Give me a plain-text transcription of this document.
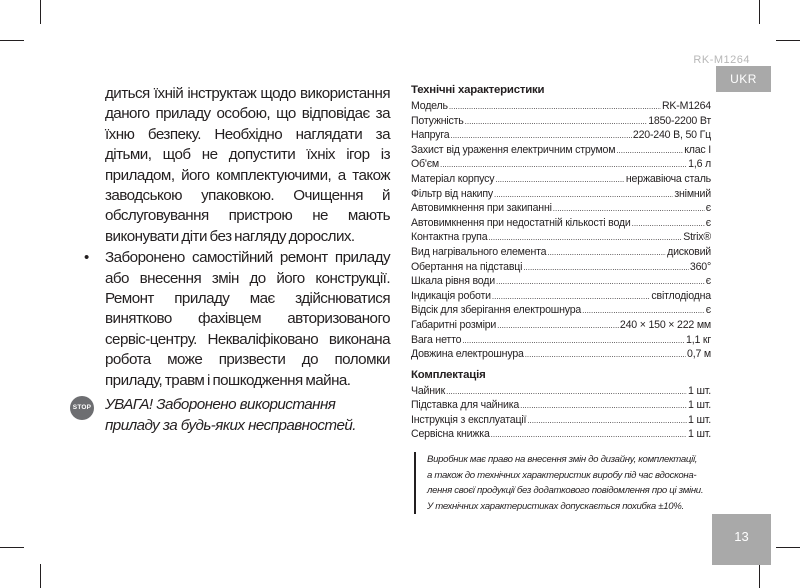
RK-M1264
UKR

диться їхній інструктаж щодо використання даного приладу особою, що відповідає за їхню безпеку. Необхідно наглядати за дітьми, щоб не допустити їхніх ігор із приладом, його комплектуючими, а також заводською упаковкою. Очищення й обслуговування пристрою не мають виконувати діти без нагляду дорослих.

• Заборонено самостійний ремонт приладу або внесення змін до його конструкції. Ремонт приладу має здійснюватися винятково фахівцем авторизованого сервіс-центру. Некваліфіковано виконана робота може призвести до поломки приладу, травм і пошкодження майна.

STOP УВАГА! Заборонено використання приладу за будь-яких несправностей.

Технічні характеристики
Модель .....	RK-M1264
Потужність .....	1850-2200 Вт
Напруга .....	220-240 В, 50 Гц
Захист від ураження електричним струмом .....	клас I
Об'єм .....	1,6 л
Матеріал корпусу .....	нержавіюча сталь
Фільтр від накипу .....	знімний
Автовимкнення при закипанні .....	є
Автовимкнення при недостатній кількості води .....	є
Контактна група .....	Strix®
Вид нагрівального елемента .....	дисковий
Обертання на підставці .....	360°
Шкала рівня води .....	є
Індикація роботи .....	світлодіодна
Відсік для зберігання електрошнура .....	є
Габаритні розміри .....	240 × 150 × 222 мм
Вага нетто .....	1,1 кг
Довжина електрошнура .....	0,7 м
Комплектація
Чайник .....	1 шт.
Підставка для чайника .....	1 шт.
Інструкція з експлуатації .....	1 шт.
Сервісна книжка .....	1 шт.

Виробник має право на внесення змін до дизайну, комплектації,

а також до технічних характеристик виробу під час вдоскона-

лення своєї продукції без додаткового повідомлення про ці зміни.

У технічних характеристиках допускається похибка ±10%.

13
